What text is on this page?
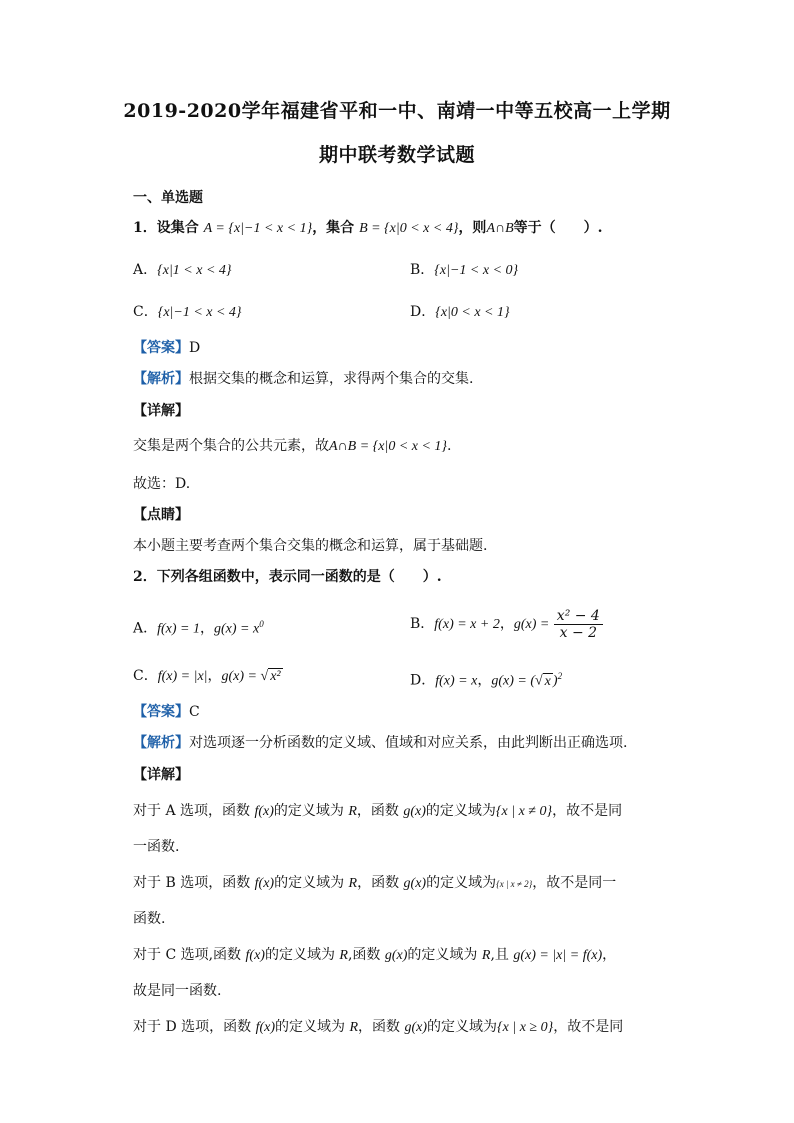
2019-2020学年福建省平和一中、南靖一中等五校高一上学期
期中联考数学试题
一、单选题
1．设集合 A = {x|−1 < x < 1}，集合 B = {x|0 < x < 4}，则A∩B等于（　　）.
A．{x|1 < x < 4}	B．{x|−1 < x < 0}
C．{x|−1 < x < 4}	D．{x|0 < x < 1}
【答案】D
【解析】根据交集的概念和运算，求得两个集合的交集.
【详解】
交集是两个集合的公共元素，故A∩B = {x|0 < x < 1}.
故选：D.
【点睛】
本小题主要考查两个集合交集的概念和运算，属于基础题.
2．下列各组函数中，表示同一函数的是（　　）.
A．f(x) = 1，$g(x) = x^0$	B．f(x) = x + 2，$g(x) = \frac{\text{x² − 4}}{x - 2}$
C．f(x) = |x|，g(x) = √ x²	D．f(x) = x，g(x) = (√ x )$^2$
【答案】C
【解析】对选项逐一分析函数的定义域、值域和对应关系，由此判断出正确选项.
【详解】
对于 A 选项，函数 f(x)的定义域为 R，函数 g(x)的定义域为{x | x ≠ 0}，故不是同
一函数.
对于 B 选项，函数 f(x)的定义域为 R，函数 g(x)的定义域为{x | x ≠ 2}，故不是同一
函数.
对于 C 选项,函数 f(x)的定义域为 R,函数 g(x)的定义域为 R,且 g(x) = |x| = f(x)，
故是同一函数.
对于 D 选项，函数 f(x)的定义域为 R，函数 g(x)的定义域为{x | x ≥ 0}，故不是同
